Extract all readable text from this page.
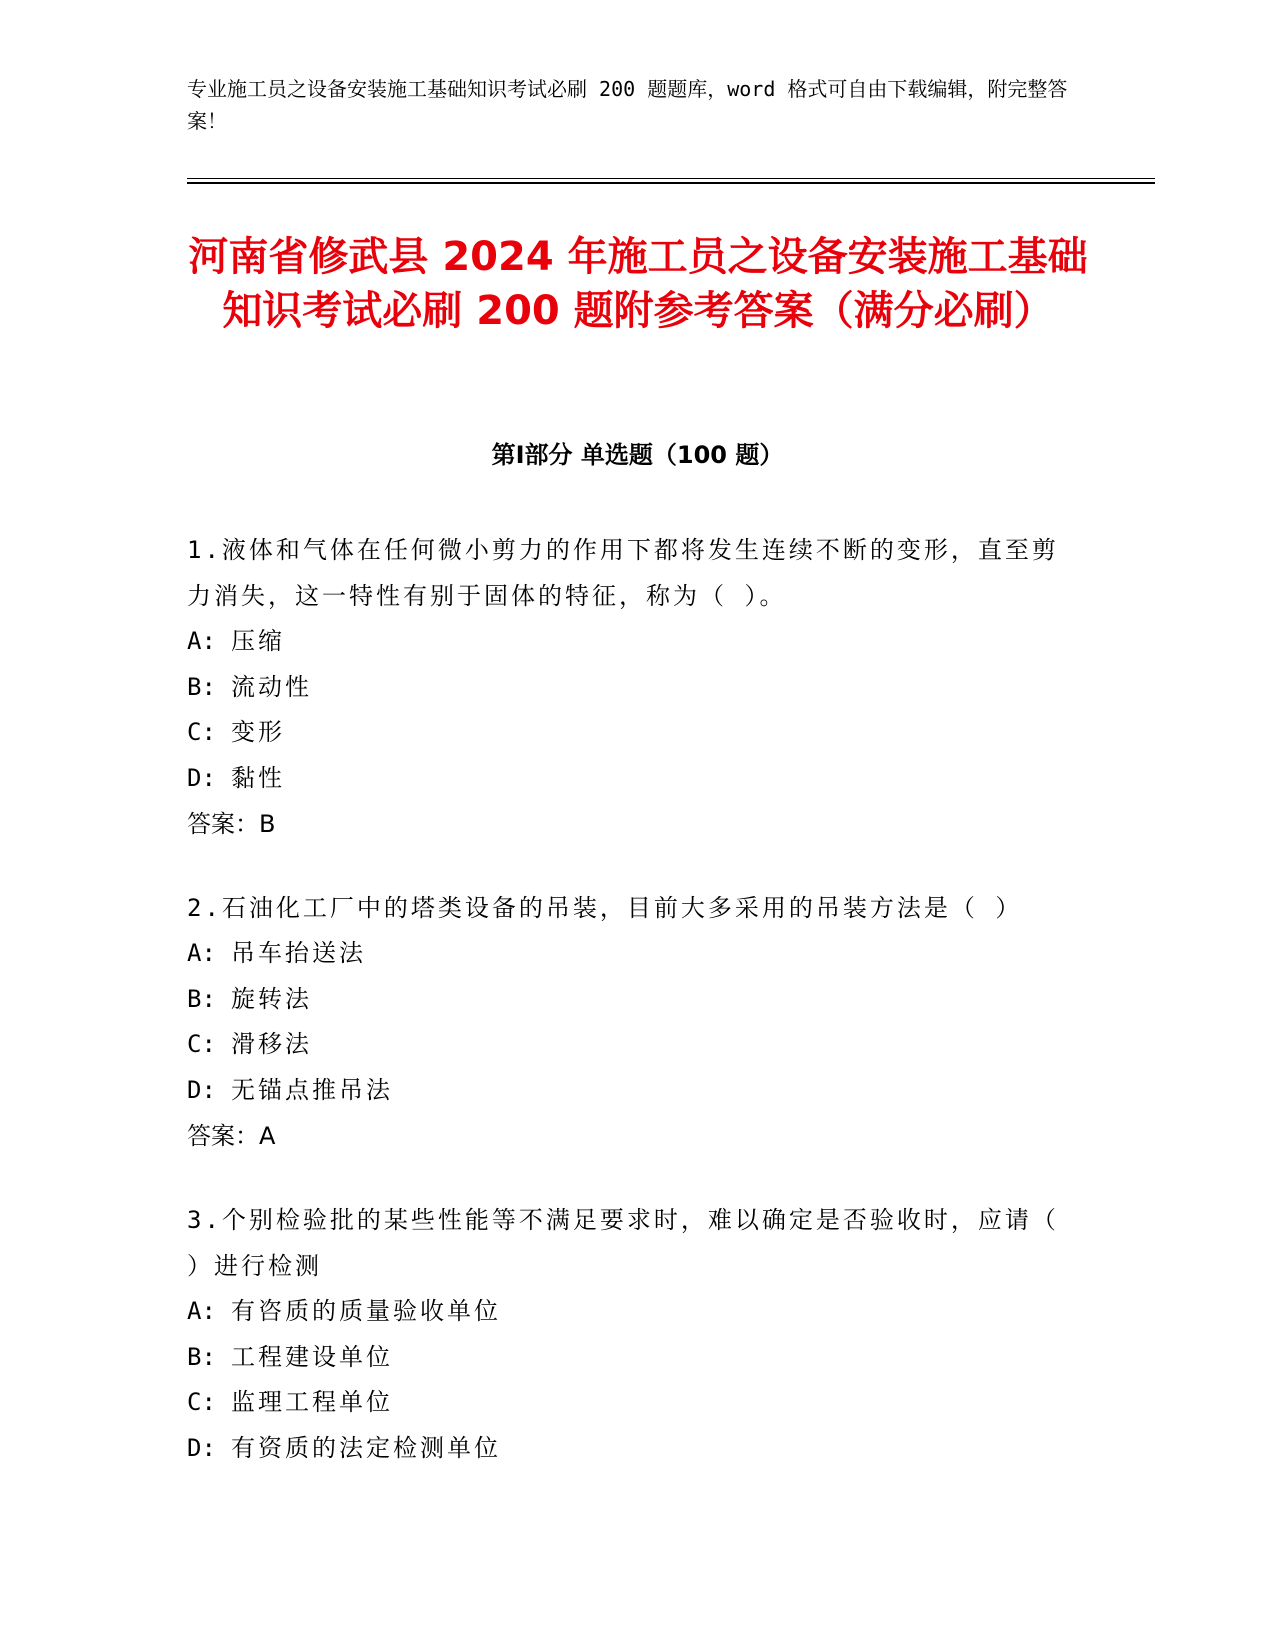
专业施工员之设备安装施工基础知识考试必刷 200 题题库，word 格式可自由下载编辑，附完整答案！
河南省修武县 2024 年施工员之设备安装施工基础知识考试必刷 200 题附参考答案（满分必刷）
第Ⅰ部分 单选题（100 题）

1.液体和气体在任何微小剪力的作用下都将发生连续不断的变形，直至剪力消失，这一特性有别于固体的特征，称为（ ）。

A: 压缩

B: 流动性

C: 变形

D: 黏性

答案：B

2.石油化工厂中的塔类设备的吊装，目前大多采用的吊装方法是（ ）

A: 吊车抬送法

B: 旋转法

C: 滑移法

D: 无锚点推吊法

答案：A

3.个别检验批的某些性能等不满足要求时，难以确定是否验收时，应请（ ）进行检测

A: 有咨质的质量验收单位

B: 工程建设单位

C: 监理工程单位

D: 有资质的法定检测单位
